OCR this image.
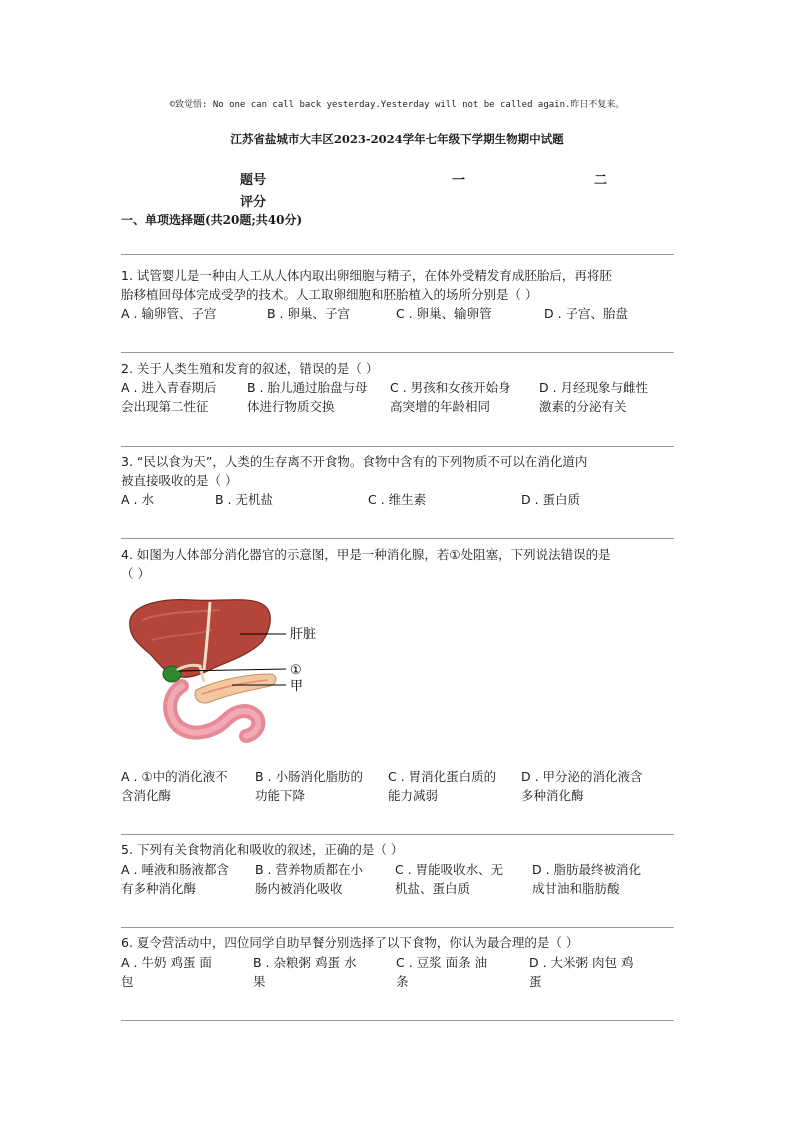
©致觉悟: No one can call back yesterday.Yesterday will not be called again.昨日不复来。
江苏省盐城市大丰区2023-2024学年七年级下学期生物期中试题
题号	一	二
评分
一、单项选择题(共20题;共40分)
1. 试管婴儿是一种由人工从人体内取出卵细胞与精子，在体外受精发育成胚胎后，再将胚
胎移植回母体完成受孕的技术。人工取卵细胞和胚胎植入的场所分别是（ ）
A . 输卵管、子宫	B . 卵巢、子宫	C . 卵巢、输卵管	D . 子宫、胎盘
2. 关于人类生殖和发育的叙述，错误的是（ ）
A . 进入青春期后
会出现第二性征
B . 胎儿通过胎盘与母
体进行物质交换
C . 男孩和女孩开始身
高突增的年龄相同
D . 月经现象与雌性
激素的分泌有关
3. “民以食为天”，人类的生存离不开食物。食物中含有的下列物质不可以在消化道内
被直接吸收的是（ ）
A . 水	B . 无机盐	C . 维生素	D . 蛋白质
4. 如图为人体部分消化器官的示意图，甲是一种消化腺，若①处阻塞，下列说法错误的是
（ ）
肝脏
①
甲
A . ①中的消化液不
含消化酶
B . 小肠消化脂肪的
功能下降
C . 胃消化蛋白质的
能力减弱
D . 甲分泌的消化液含
多种消化酶
5. 下列有关食物消化和吸收的叙述，正确的是（ ）
A . 唾液和肠液都含
有多种消化酶
B . 营养物质都在小
肠内被消化吸收
C . 胃能吸收水、无
机盐、蛋白质
D . 脂肪最终被消化
成甘油和脂肪酸
6. 夏令营活动中，四位同学自助早餐分别选择了以下食物，你认为最合理的是（ ）
A . 牛奶 鸡蛋 面
包
B . 杂粮粥 鸡蛋 水
果
C . 豆浆 面条 油
条
D . 大米粥 肉包 鸡
蛋
